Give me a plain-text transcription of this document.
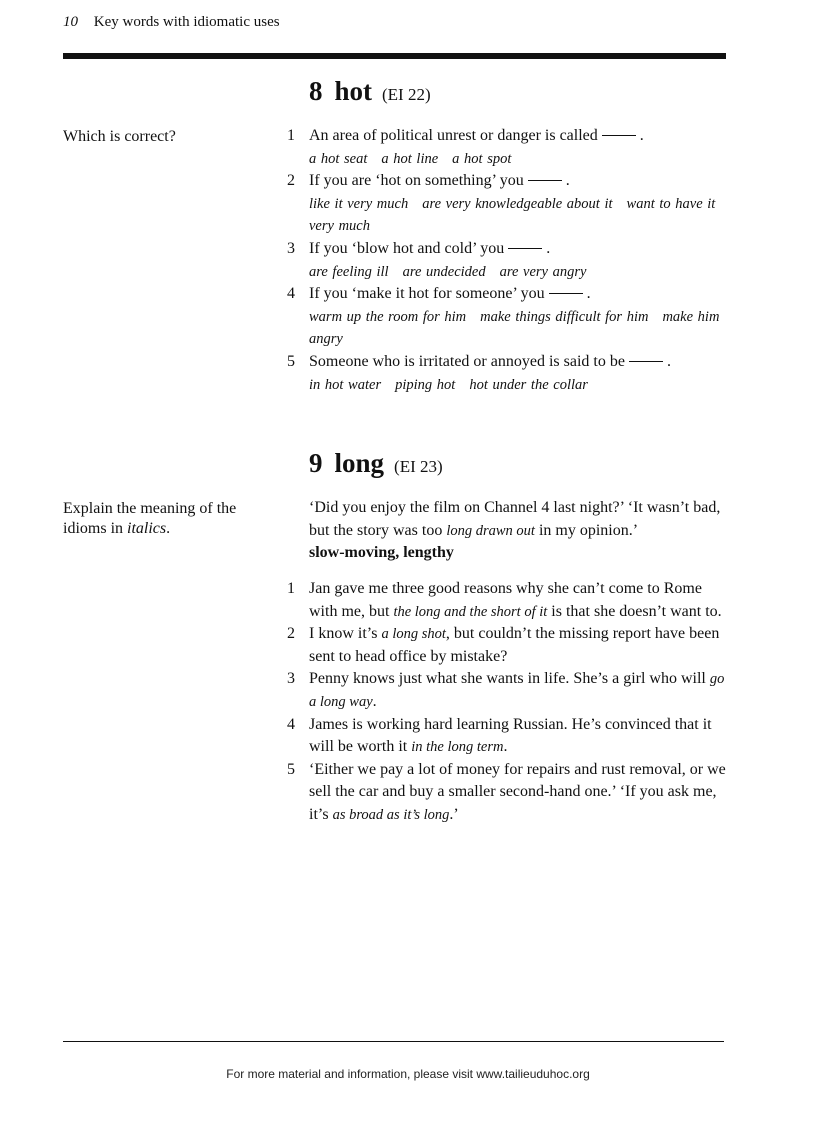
10 Key words with idiomatic uses
8 hot (EI 22)
Which is correct?	1 An area of political unrest or danger is called	.
a hot seat a hot line a hot spot
2 If you are ‘hot on something’ you	.
like it very much are very knowledgeable about it want to have it very much
3 If you ‘blow hot and cold’ you	.
are feeling ill are undecided are very angry
4 If you ‘make it hot for someone’ you	.
warm up the room for him make things difficult for him make him angry
5 Someone who is irritated or annoyed is said to be	.
in hot water piping hot hot under the collar
9 long (EI 23)
Explain the meaning of the idioms in italics.
‘Did you enjoy the film on Channel 4 last night?’ ‘It wasn’t bad, but the story was too long drawn out in my opinion.’
slow-moving, lengthy
1 Jan gave me three good reasons why she can’t come to Rome with me, but the long and the short of it is that she doesn’t want to.
2 I know it’s a long shot, but couldn’t the missing report have been sent to head office by mistake?
3 Penny knows just what she wants in life. She’s a girl who will go a long way.
4 James is working hard learning Russian. He’s convinced that it will be worth it in the long term.
5 ‘Either we pay a lot of money for repairs and rust removal, or we sell the car and buy a smaller second-hand one.’ ‘If you ask me, it’s as broad as it’s long.’
For more material and information, please visit www.tailieuduhoc.org
